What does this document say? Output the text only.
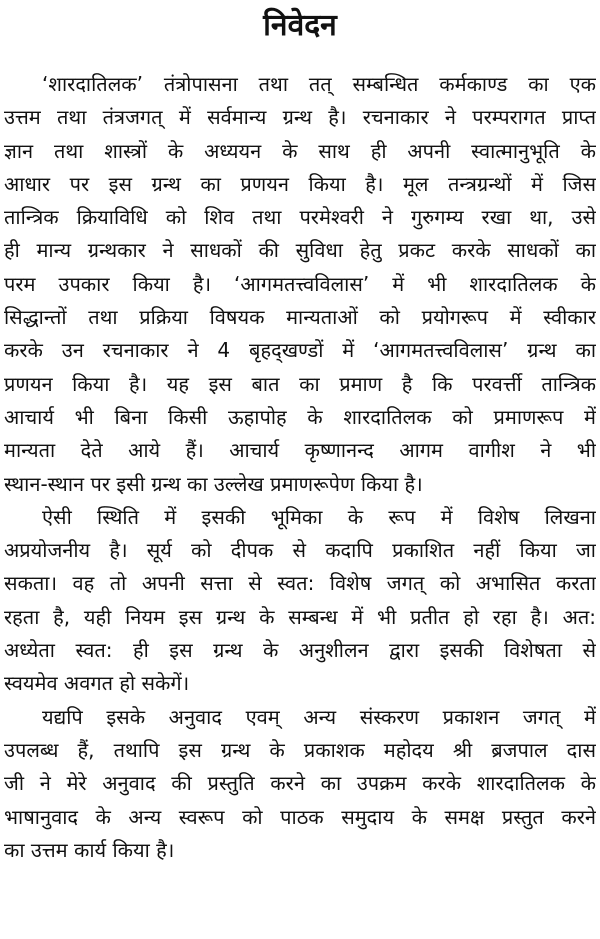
निवेदन
‘शारदातिलक’ तंत्रोपासना तथा तत् सम्बन्धित कर्मकाण्ड का एक
उत्तम तथा तंत्रजगत् में सर्वमान्य ग्रन्थ है। रचनाकार ने परम्परागत प्राप्त
ज्ञान तथा शास्त्रों के अध्ययन के साथ ही अपनी स्वात्मानुभूति के
आधार पर इस ग्रन्थ का प्रणयन किया है। मूल तन्त्रग्रन्थों में जिस
तान्त्रिक क्रियाविधि को शिव तथा परमेश्वरी ने गुरुगम्य रखा था, उसे
ही मान्य ग्रन्थकार ने साधकों की सुविधा हेतु प्रकट करके साधकों का
परम उपकार किया है। ‘आगमतत्त्वविलास’ में भी शारदातिलक के
सिद्धान्तों तथा प्रक्रिया विषयक मान्यताओं को प्रयोगरूप में स्वीकार
करके उन रचनाकार ने 4 बृहद्खण्डों में ‘आगमतत्त्वविलास’ ग्रन्थ का
प्रणयन किया है। यह इस बात का प्रमाण है कि परवर्त्ती तान्त्रिक
आचार्य भी बिना किसी ऊहापोह के शारदातिलक को प्रमाणरूप में
मान्यता देते आये हैं। आचार्य कृष्णानन्द आगम वागीश ने भी
स्थान-स्थान पर इसी ग्रन्थ का उल्लेख प्रमाणरूपेण किया है।
ऐसी स्थिति में इसकी भूमिका के रूप में विशेष लिखना
अप्रयोजनीय है। सूर्य को दीपक से कदापि प्रकाशित नहीं किया जा
सकता। वह तो अपनी सत्ता से स्वत: विशेष जगत् को अभासित करता
रहता है, यही नियम इस ग्रन्थ के सम्बन्ध में भी प्रतीत हो रहा है। अत:
अध्येता स्वत: ही इस ग्रन्थ के अनुशीलन द्वारा इसकी विशेषता से
स्वयमेव अवगत हो सकेगें।
यद्यपि इसके अनुवाद एवम् अन्य संस्करण प्रकाशन जगत् में
उपलब्ध हैं, तथापि इस ग्रन्थ के प्रकाशक महोदय श्री ब्रजपाल दास
जी ने मेरे अनुवाद की प्रस्तुति करने का उपक्रम करके शारदातिलक के
भाषानुवाद के अन्य स्वरूप को पाठक समुदाय के समक्ष प्रस्तुत करने
का उत्तम कार्य किया है।
